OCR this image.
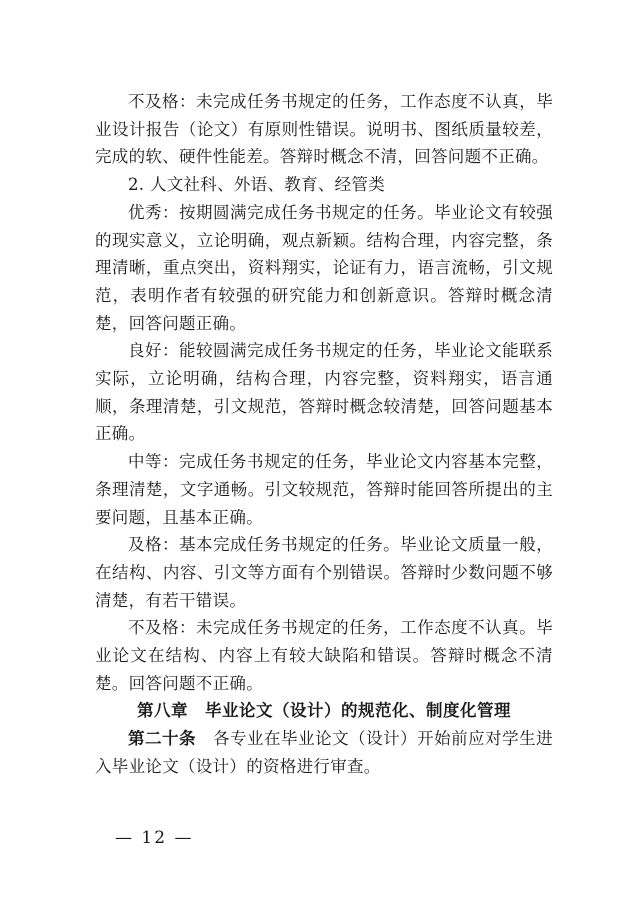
不及格：未完成任务书规定的任务，工作态度不认真，毕业设计报告（论文）有原则性错误。说明书、图纸质量较差，完成的软、硬件性能差。答辩时概念不清，回答问题不正确。

2. 人文社科、外语、教育、经管类

优秀：按期圆满完成任务书规定的任务。毕业论文有较强的现实意义，立论明确，观点新颖。结构合理，内容完整，条理清晰，重点突出，资料翔实，论证有力，语言流畅，引文规范，表明作者有较强的研究能力和创新意识。答辩时概念清楚，回答问题正确。

良好：能较圆满完成任务书规定的任务，毕业论文能联系实际，立论明确，结构合理，内容完整，资料翔实，语言通顺，条理清楚，引文规范，答辩时概念较清楚，回答问题基本正确。

中等：完成任务书规定的任务，毕业论文内容基本完整，条理清楚，文字通畅。引文较规范，答辩时能回答所提出的主要问题，且基本正确。

及格：基本完成任务书规定的任务。毕业论文质量一般，在结构、内容、引文等方面有个别错误。答辩时少数问题不够清楚，有若干错误。

不及格：未完成任务书规定的任务，工作态度不认真。毕业论文在结构、内容上有较大缺陷和错误。答辩时概念不清楚。回答问题不正确。

第八章　毕业论文（设计）的规范化、制度化管理

第二十条　各专业在毕业论文（设计）开始前应对学生进入毕业论文（设计）的资格进行审查。

— 12 —
